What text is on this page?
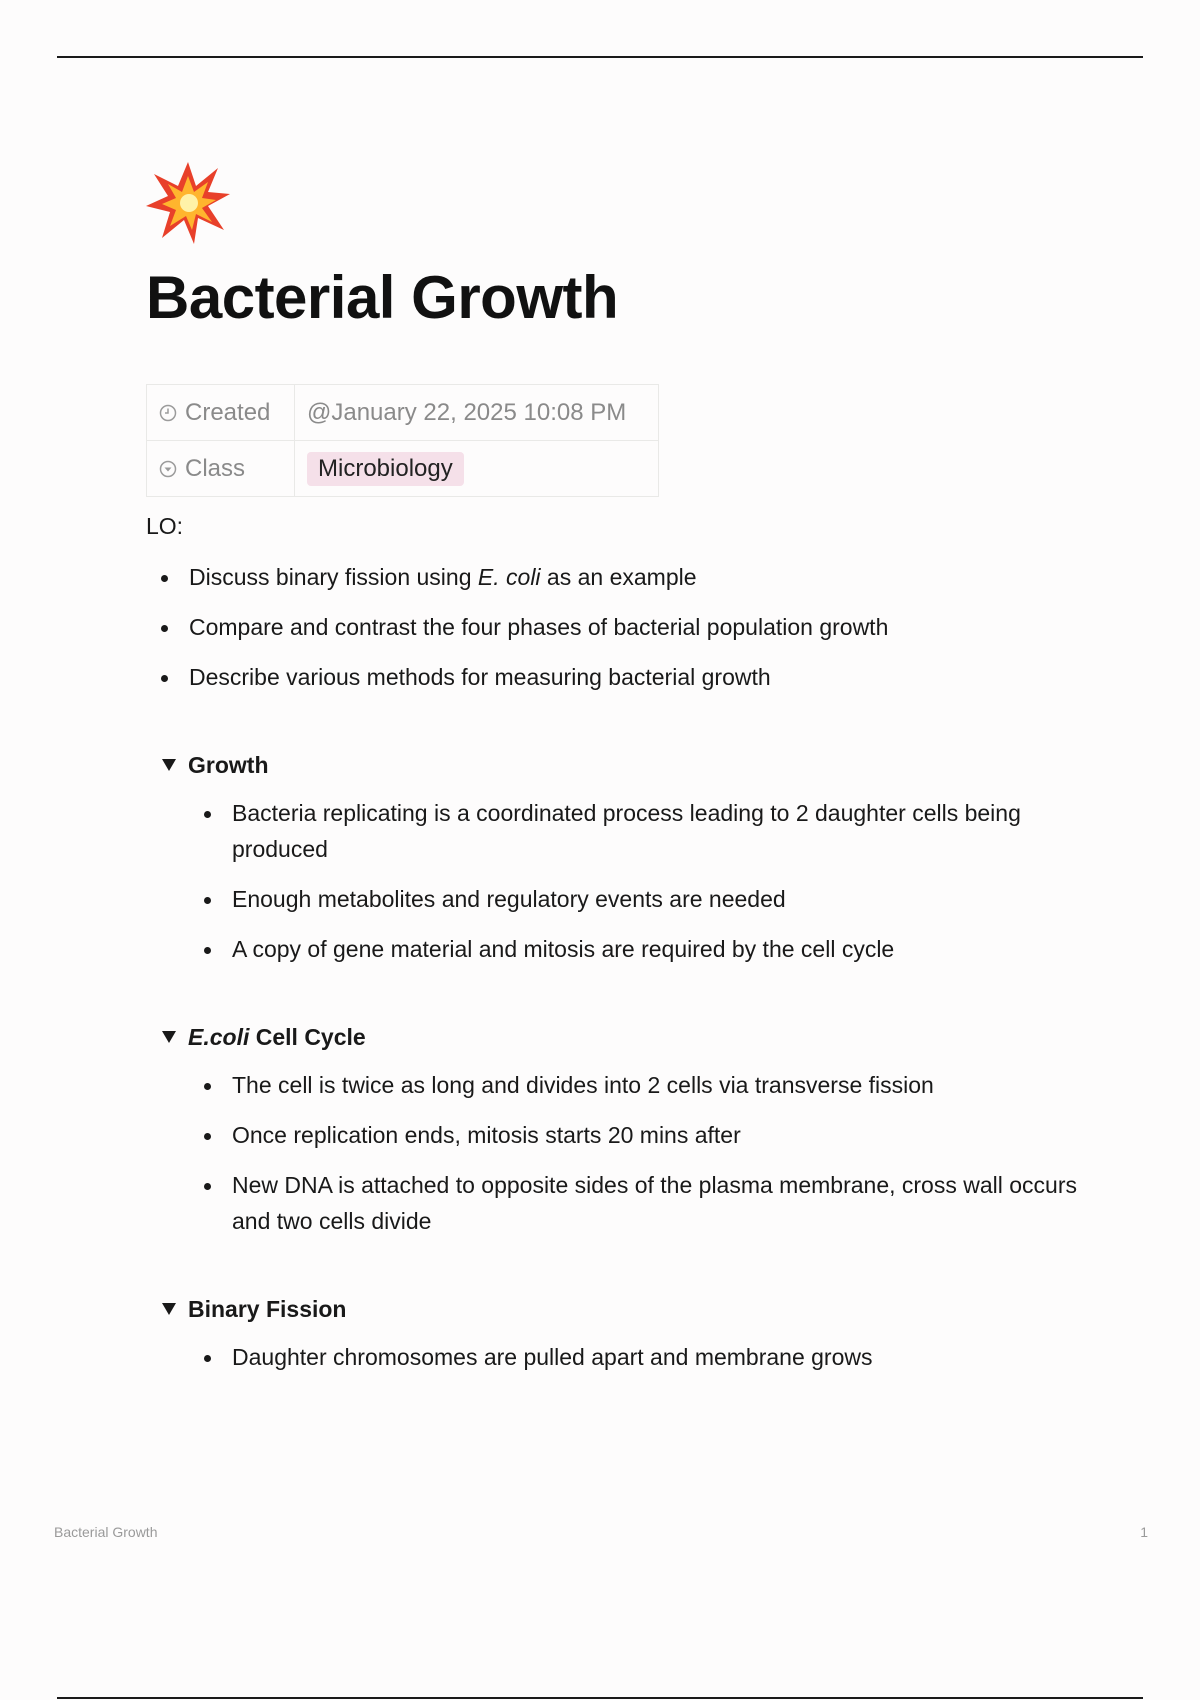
Bacterial Growth
Created	@January 22, 2025 10:08 PM
Class	Microbiology
LO:
Discuss binary fission using E. coli as an example
Compare and contrast the four phases of bacterial population growth
Describe various methods for measuring bacterial growth
Growth
Bacteria replicating is a coordinated process leading to 2 daughter cells being produced
Enough metabolites and regulatory events are needed
A copy of gene material and mitosis are required by the cell cycle
E.coli Cell Cycle
The cell is twice as long and divides into 2 cells via transverse fission
Once replication ends, mitosis starts 20 mins after
New DNA is attached to opposite sides of the plasma membrane, cross wall occurs and two cells divide
Binary Fission
Daughter chromosomes are pulled apart and membrane grows
Bacterial Growth	1
